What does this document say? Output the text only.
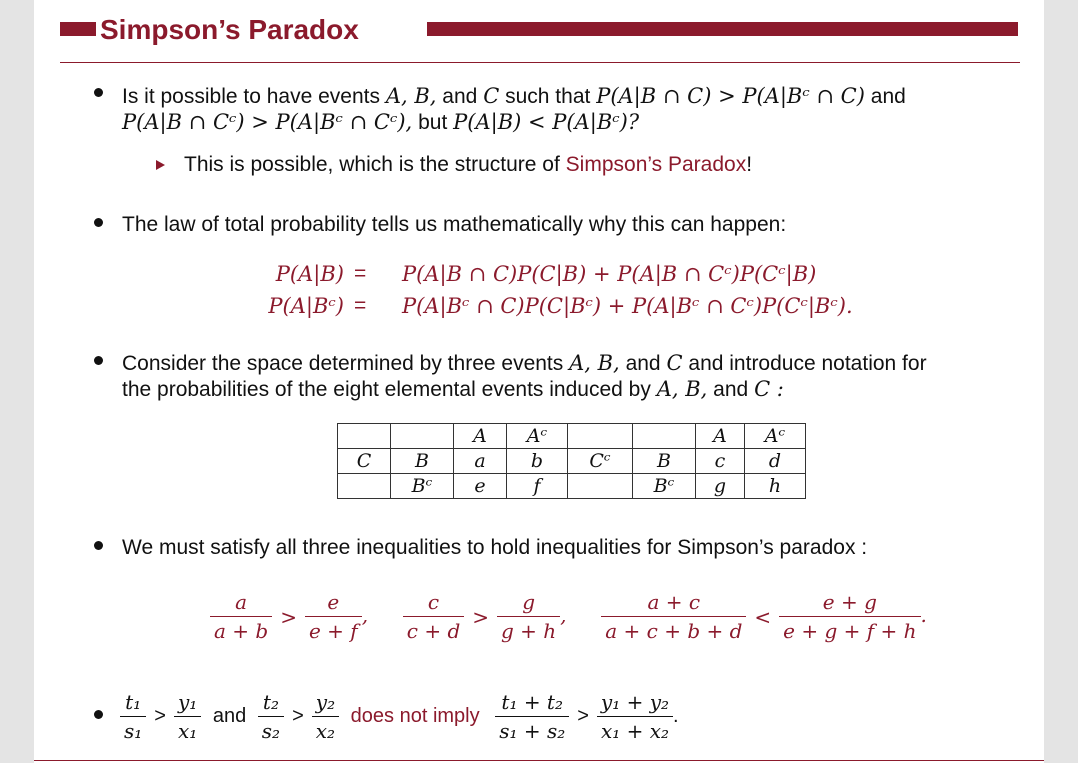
Simpson’s Paradox
Is it possible to have events A, B, and C such that P(A|B ∩ C) > P(A|Bᶜ ∩ C) and
P(A|B ∩ Cᶜ) > P(A|Bᶜ ∩ Cᶜ), but P(A|B) < P(A|Bᶜ)?
This is possible, which is the structure of Simpson’s Paradox!
The law of total probability tells us mathematically why this can happen:
P(A|B) = P(A|B ∩ C)P(C|B) + P(A|B ∩ Cᶜ)P(Cᶜ|B)
P(A|Bᶜ) = P(A|Bᶜ ∩ C)P(C|Bᶜ) + P(A|Bᶜ ∩ Cᶜ)P(Cᶜ|Bᶜ).
Consider the space determined by three events A, B, and C and introduce notation for
the probabilities of the eight elemental events induced by A, B, and C :
		A	Aᶜ			A	Aᶜ
C	B	a	b	Cᶜ	B	c	d
	Bᶜ	e	f		Bᶜ	g	h
We must satisfy all three inequalities to hold inequalities for Simpson’s paradox :
$\frac{a}{a + b} > \frac{e}{e + f}$ , $\frac{c}{c + d} > \frac{g}{g + h}$ , $\frac{a + c}{a + c + b + d} < \frac{e + g}{e + g + f + h}$ .
$\frac{\text{t₁}}{\text{s₁}} > \frac{\text{y₁}}{\text{x₁}}$ and $\frac{\text{t₂}}{\text{s₂}} > \frac{\text{y₂}}{\text{x₂}}$ does not imply $\frac{\text{t₁ + t₂}}{\text{s₁ + s₂}} > \frac{\text{y₁ + y₂}}{\text{x₁ + x₂}}$ .
